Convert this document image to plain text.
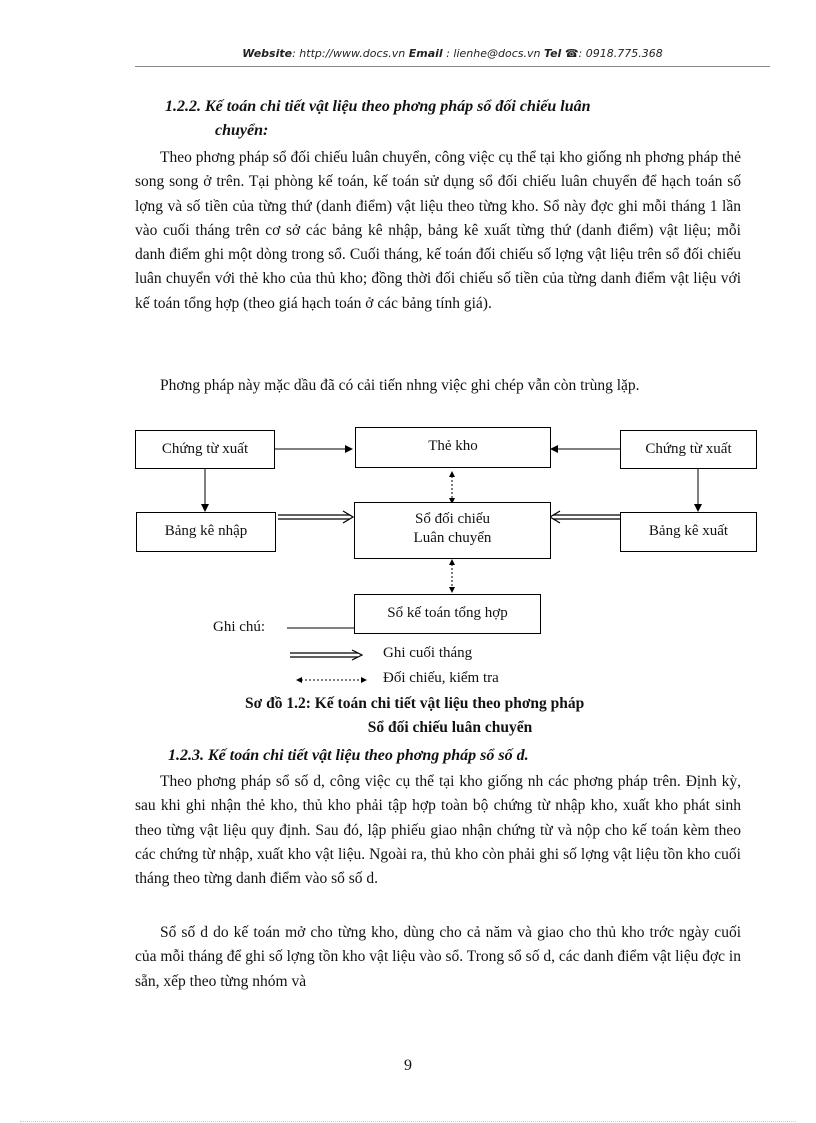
Website: http://www.docs.vn Email : lienhe@docs.vn Tel ☎: 0918.775.368
1.2.2. Kế toán chi tiết vật liệu theo phơng pháp sổ đối chiếu luân
chuyển:
Theo phơng pháp sổ đối chiếu luân chuyển, công việc cụ thể tại kho giống nh phơng pháp thẻ song song ở trên. Tại phòng kế toán, kế toán sử dụng sổ đối chiếu luân chuyển để hạch toán số lợng và số tiền của từng thứ (danh điểm) vật liệu theo từng kho. Sổ này đợc ghi mỗi tháng 1 lần vào cuối tháng trên cơ sở các bảng kê nhập, bảng kê xuất từng thứ (danh điểm) vật liệu; mỗi danh điểm ghi một dòng trong sổ. Cuối tháng, kế toán đối chiếu số lợng vật liệu trên sổ đối chiếu luân chuyển với thẻ kho của thủ kho; đồng thời đối chiếu số tiền của từng danh điểm vật liệu với kế toán tổng hợp (theo giá hạch toán ở các bảng tính giá).
Phơng pháp này mặc dầu đã có cải tiến nhng việc ghi chép vẫn còn trùng lặp.
Chứng từ xuất	Thẻ kho	Chứng từ xuất
Bảng kê nhập
Sổ đối chiếu
Luân chuyển	Bảng kê xuất
Sổ kế toán tổng hợp
Ghi chú:
Ghi cuối tháng
Đối chiếu, kiểm tra
Sơ đồ 1.2: Kế toán chi tiết vật liệu theo phơng pháp
Sổ đối chiếu luân chuyển
1.2.3. Kế toán chi tiết vật liệu theo phơng pháp sổ số d.
Theo phơng pháp sổ số d, công việc cụ thể tại kho giống nh các phơng pháp trên. Định kỳ, sau khi ghi nhận thẻ kho, thủ kho phải tập hợp toàn bộ chứng từ nhập kho, xuất kho phát sinh theo từng vật liệu quy định. Sau đó, lập phiếu giao nhận chứng từ và nộp cho kế toán kèm theo các chứng từ nhập, xuất kho vật liệu. Ngoài ra, thủ kho còn phải ghi số lợng vật liệu tồn kho cuối tháng theo từng danh điểm vào sổ số d.
Sổ số d do kế toán mở cho từng kho, dùng cho cả năm và giao cho thủ kho trớc ngày cuối của mỗi tháng để ghi số lợng tồn kho vật liệu vào sổ. Trong sổ số d, các danh điểm vật liệu đợc in sẵn, xếp theo từng nhóm và
9
